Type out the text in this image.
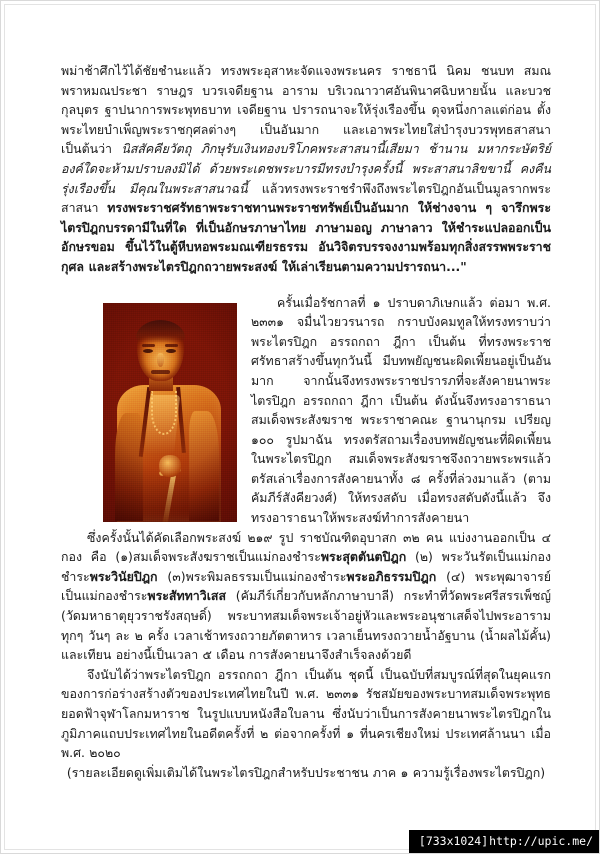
พม่าช้าศึกไว้ได้ชัยชำนะแล้ว ทรงพระอุสาหะจัดแจงพระนคร ราชธานี นิคม ชนบท สมณพราหมณประชา ราษฎร บวรเจดียฐาน อาราม บริเวณาวาศอันพินาศฉิบหายนั้น และบวชกุลบุตร ฐาปนาการพระพุทธบาท เจดียฐาน ปรารถนาจะให้รุ่งเรืองขึ้น ดุจหนึ่งกาลแต่ก่อน ตั้งพระไทยบำเพ็ญพระราชกุศลต่างๆ เป็นอันมาก และเอาพระไทยใส่บำรุงบวรพุทธสาสนา เป็นต้นว่า นิสสัคคียวัตถุ ภิกษุรับเงินทองบริโภคพระสาสนานี้เสียมา ช้านาน มหากระษัตริย์องค์ใดจะห้ามปราบลงมิได้ ด้วยพระเดชพระบารมีทรงบำรุงครั้งนี้ พระสาสนาลิขขานี้ คงคืนรุ่งเรืองขึ้น มีคุณในพระสาสนาฉนี้ แล้วทรงพระราชรำพึงถึงพระไตรปิฎกอันเป็นมูลรากพระสาสนา ทรงพระราชศรัทธาพระราชทานพระราชทรัพย์เป็นอันมาก ให้ช่างจาน ๆ จารึกพระไตรปิฎกบรรดามีในที่ใด ที่เป็นอักษรภาษาไทย ภาษามอญ ภาษาลาว ให้ชำระแปลออกเป็นอักษรขอม ขึ้นไว้ในตู้หีบหอพระมณเฑียรธรรม อันวิจิตรบรรจงงามพร้อมทุกสิ่งสรรพพระราชกุศล และสร้างพระไตรปิฎกถวายพระสงฆ์ ให้เล่าเรียนตามความปรารถนา..."

ครั้นเมื่อรัชกาลที่ ๑ ปราบดาภิเษกแล้ว ต่อมา พ.ศ. ๒๓๓๑ จมื่นไวยวรนารถ กราบบังคมทูลให้ทรงทราบว่า พระไตรปิฎก อรรถกถา ฎีกา เป็นต้น ที่ทรงพระราชศรัทธาสร้างขึ้นทุกวันนี้ มีบทพยัญชนะผิดเพี้ยนอยู่เป็นอันมาก จากนั้นจึงทรงพระราชปรารภที่จะสังคายนาพระไตรปิฎก อรรถกถา ฎีกา เป็นต้น ดังนั้นจึงทรงอาราธนาสมเด็จพระสังฆราช พระราชาคณะ ฐานานุกรม เปรียญ ๑๐๐ รูปมาฉัน ทรงตรัสถามเรื่องบทพยัญชนะที่ผิดเพี้ยนในพระไตรปิฎก สมเด็จพระสังฆราชจึงถวายพระพรแล้วตรัสเล่าเรื่องการสังคายนาทั้ง ๘ ครั้งที่ล่วงมาแล้ว (ตามคัมภีร์สังคียวงศ์) ให้ทรงสดับ เมื่อทรงสดับดังนี้แล้ว จึงทรงอาราธนาให้พระสงฆ์ทำการสังคายนา

ซึ่งครั้งนั้นได้คัดเลือกพระสงฆ์ ๒๑๙ รูป ราชบัณฑิตอุบาสก ๓๒ คน แบ่งงานออกเป็น ๔ กอง คือ (๑)สมเด็จพระสังฆราชเป็นแม่กองชำระพระสุตตันตปิฎก (๒) พระวันรัตเป็นแม่กองชำระพระวินัยปิฎก (๓)พระพิมลธรรมเป็นแม่กองชำระพระอภิธรรมปิฎก (๔) พระพุฒาจารย์เป็นแม่กองชำระพระสัททาวิเสส (คัมภีร์เกี่ยวกับหลักภาษาบาลี) กระทำที่วัดพระศรีสรรเพ็ชญ์ (วัดมหาธาตุยุวราชรังสฤษดิ์) พระบาทสมเด็จพระเจ้าอยู่หัวและพระอนุชาเสด็จไปพระอารามทุกๆ วันๆ ละ ๒ ครั้ง เวลาเช้าทรงถวายภัตตาหาร เวลาเย็นทรงถวายน้ำอัฐบาน (น้ำผลไม้คั้น) และเทียน อย่างนี้เป็นเวลา ๕ เดือน การสังคายนาจึงสำเร็จลงด้วยดี

จึงนับได้ว่าพระไตรปิฎก อรรถกถา ฎีกา เป็นต้น ชุดนี้ เป็นฉบับที่สมบูรณ์ที่สุดในยุคแรกของการก่อร่างสร้างตัวของประเทศไทยในปี พ.ศ. ๒๓๓๑ รัชสมัยของพระบาทสมเด็จพระพุทธยอดฟ้าจุฬาโลกมหาราช ในรูปแบบหนังสือใบลาน ซึ่งนับว่าเป็นการสังคายนาพระไตรปิฎกในภูมิภาคแถบประเทศไทยในอดีตครั้งที่ ๒ ต่อจากครั้งที่ ๑ ที่นครเชียงใหม่ ประเทศล้านนา เมื่อ พ.ศ. ๒๐๒๐

(รายละเอียดดูเพิ่มเติมได้ในพระไตรปิฎกสำหรับประชาชน ภาค ๑ ความรู้เรื่องพระไตรปิฎก)

[733x1024]http://upic.me/
